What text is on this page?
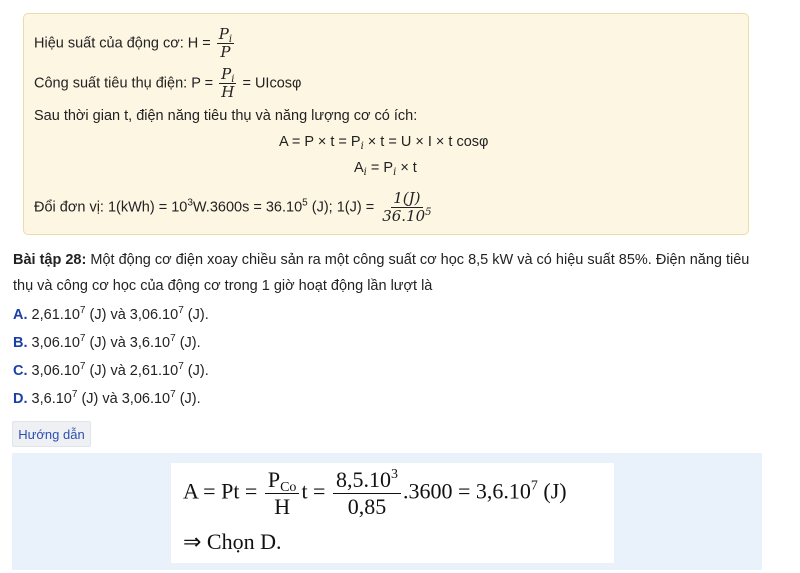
Hiệu suất của động cơ: $H = \frac{P_i}{P}$
Công suất tiêu thụ điện: $P = \frac{P_i}{H} = UIcos\varphi$
Sau thời gian t, điện năng tiêu thụ và năng lượng cơ có ích:
$A = P \times t = P_i \times t = U \times I \times t$ cosφ
$A_i = P_i \times t$
Đổi đơn vị: $1(kWh) = 10^3W.3600s = 36.10^5$ (J); $1(J) = \frac{1(J)}{36.10^5}$
Bài tập 28: Một động cơ điện xoay chiều sản ra một công suất cơ học 8,5 kW và có hiệu suất 85%. Điện năng tiêu thụ và công cơ học của động cơ trong 1 giờ hoạt động lần lượt là
A. 2,61.10$^7$ (J) và 3,06.10$^7$ (J).
B. 3,06.10$^7$ (J) và 3,6.10$^7$ (J).
C. 3,06.10$^7$ (J) và 2,61.10$^7$ (J).
D. 3,6.10$^7$ (J) và 3,06.10$^7$ (J).
Hướng dẫn
$A = Pt = \frac{P_{Co}}{H}$ $t = \frac{8,5.10^3}{0,85} .3600 = 3,6.10^7$ (J)
⇒ Chọn D.
